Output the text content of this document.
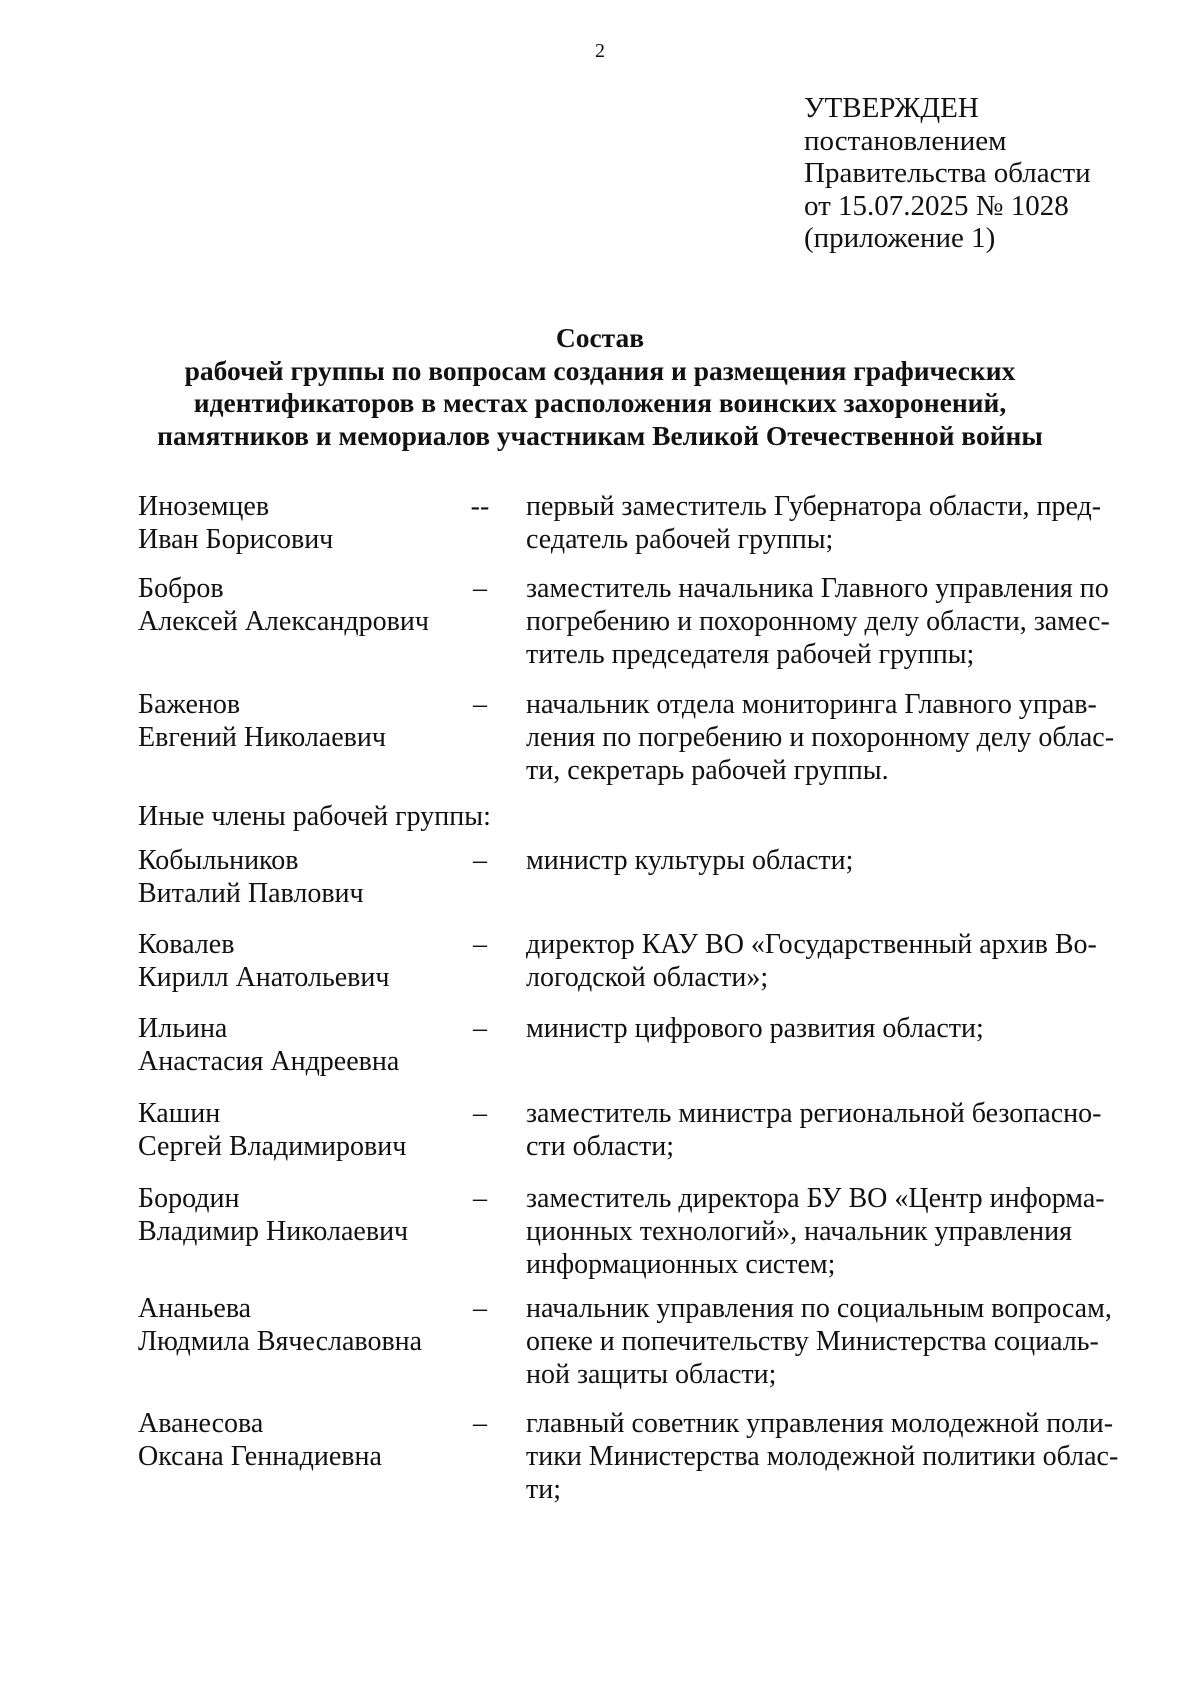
2
УТВЕРЖДЕН
постановлением
Правительства области
от 15.07.2025 № 1028
(приложение 1)
Состав
рабочей группы по вопросам создания и размещения графических
идентификаторов в местах расположения воинских захоронений,
памятников и мемориалов участникам Великой Отечественной войны
Иноземцев
Иван Борисович
-- первый заместитель Губернатора области, пред-
седатель рабочей группы;
Бобров
Алексей Александрович
– заместитель начальника Главного управления по
погребению и похоронному делу области, замес-
титель председателя рабочей группы;
Баженов
Евгений Николаевич
– начальник отдела мониторинга Главного управ-
ления по погребению и похоронному делу облас-
ти, секретарь рабочей группы.
Иные члены рабочей группы:
Кобыльников
Виталий Павлович
– министр культуры области;
Ковалев
Кирилл Анатольевич
– директор КАУ ВО «Государственный архив Во-
логодской области»;
Ильина
Анастасия Андреевна
– министр цифрового развития области;
Кашин
Сергей Владимирович
– заместитель министра региональной безопасно-
сти области;
Бородин
Владимир Николаевич
– заместитель директора БУ ВО «Центр информа-
ционных технологий», начальник управления
информационных систем;
Ананьева
Людмила Вячеславовна
– начальник управления по социальным вопросам,
опеке и попечительству Министерства социаль-
ной защиты области;
Аванесова
Оксана Геннадиевна
– главный советник управления молодежной поли-
тики Министерства молодежной политики облас-
ти;
